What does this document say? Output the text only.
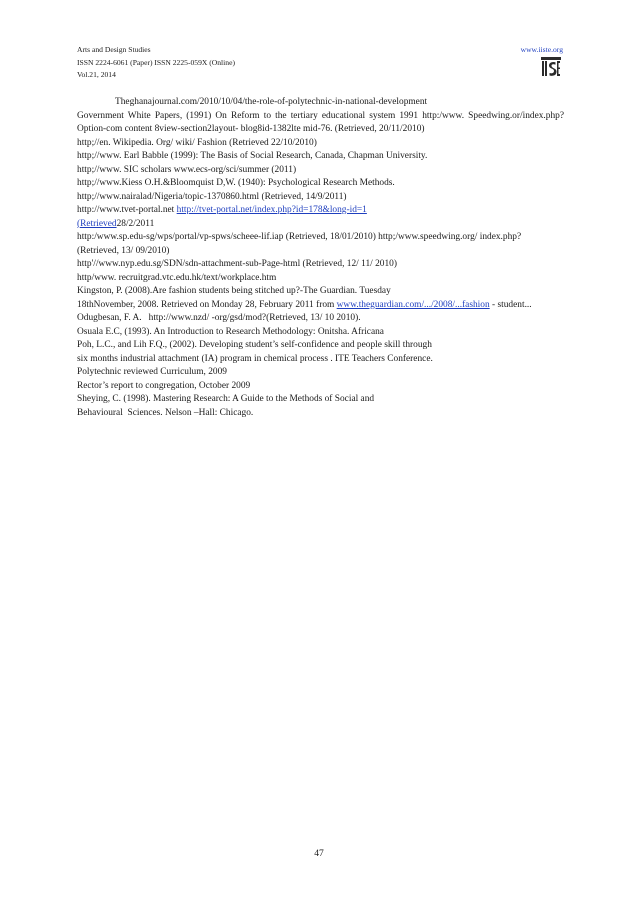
Arts and Design Studies
ISSN 2224-6061 (Paper) ISSN 2225-059X (Online)
Vol.21, 2014
www.iiste.org

Theghanajournal.com/2010/10/04/the-role-of-polytechnic-in-national-development

Government White Papers, (1991) On Reform to the tertiary educational system 1991 http:/www. Speedwing.or/index.php? Option-com content 8view-section2layout- blog8id-1382lte mid-76. (Retrieved, 20/11/2010)

http;//en. Wikipedia. Org/ wiki/ Fashion (Retrieved 22/10/2010)

http;//www. Earl Babble (1999): The Basis of Social Research, Canada, Chapman University.

http;//www. SIC scholars www.ecs-org/sci/summer (2011)

http;//www.Kiess O.H.&Bloomquist D,W. (1940): Psychological Research Methods.

http;//www.nairalad/Nigeria/topic-1370860.html (Retrieved, 14/9/2011)

http://www.tvet-portal.net http://tvet-portal.net/index.php?id=178&long-id=1
(Retrieved28/2/2011

http:/www.sp.edu-sg/wps/portal/vp-spws/scheee-lif.iap (Retrieved, 18/01/2010) http;/www.speedwing.org/ index.php? (Retrieved, 13/ 09/2010)

http'//www.nyp.edu.sg/SDN/sdn-attachment-sub-Page-html (Retrieved, 12/ 11/ 2010)

http/www. recruitgrad.vtc.edu.hk/text/workplace.htm

Kingston, P. (2008).Are fashion students being stitched up?-The Guardian. Tuesday

18thNovember, 2008. Retrieved on Monday 28, February 2011 from www.theguardian.com/.../2008/...fashion - student...

Odugbesan, F. A.   http://www.nzd/ -org/gsd/mod?(Retrieved, 13/ 10 2010).

Osuala E.C, (1993). An Introduction to Research Methodology: Onitsha. Africana

Poh, L.C., and Lih F.Q., (2002). Developing student’s self-confidence and people skill through

six months industrial attachment (IA) program in chemical process . ITE Teachers Conference.

Polytechnic reviewed Curriculum, 2009

Rector’s report to congregation, October 2009

Sheying, C. (1998). Mastering Research: A Guide to the Methods of Social and

Behavioural  Sciences. Nelson –Hall: Chicago.

47
